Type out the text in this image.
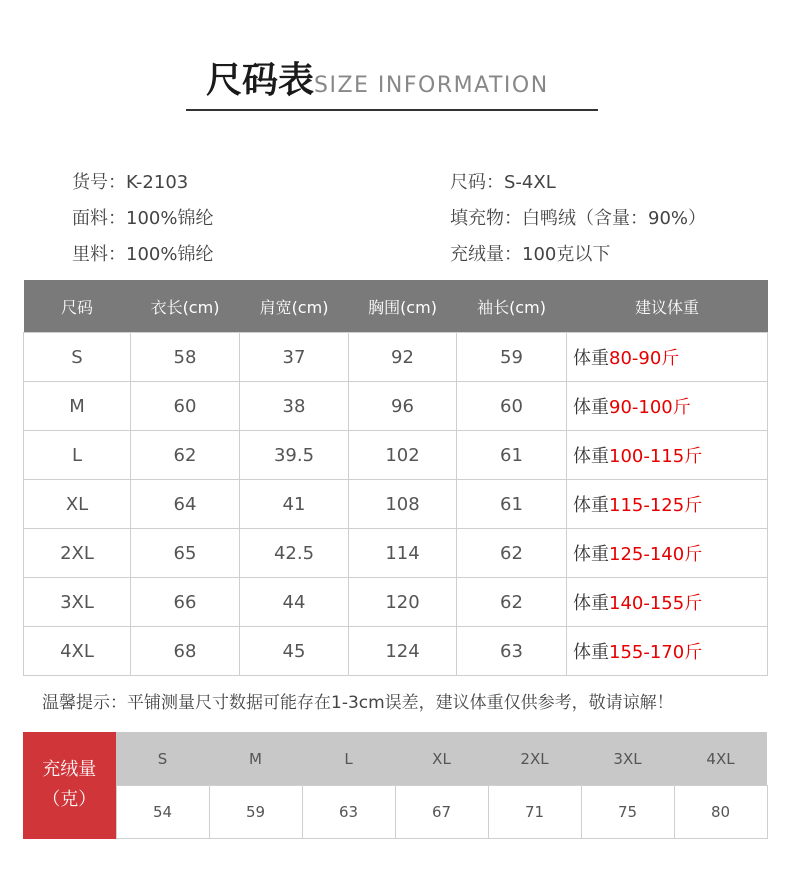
尺码表SIZE INFORMATION
货号：K-2103	尺码：S-4XL
面料：100%锦纶	填充物：白鸭绒（含量：90%）
里料：100%锦纶	充绒量：100克以下
尺码	衣长(cm)	肩宽(cm)	胸围(cm)	袖长(cm)	建议体重
S	58	37	92	59	体重80-90斤
M	60	38	96	60	体重90-100斤
L	62	39.5	102	61	体重100-115斤
XL	64	41	108	61	体重115-125斤
2XL	65	42.5	114	62	体重125-140斤
3XL	66	44	120	62	体重140-155斤
4XL	68	45	124	63	体重155-170斤
温馨提示：平铺测量尺寸数据可能存在1-3cm误差，建议体重仅供参考，敬请谅解！
充绒量
（克）	S	M	L	XL	2XL	3XL	4XL
	54	59	63	67	71	75	80
